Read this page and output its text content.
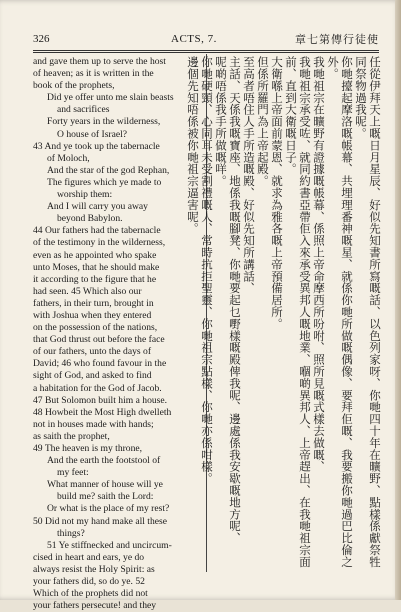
326	ACTS, 7.	章七第傳行徒使
and gave them up to serve the host
of heaven; as it is written in the
book of the prophets,
Did ye offer unto me slain beasts
and sacrifices
Forty years in the wilderness,
O house of Israel?
43 And ye took up the tabernacle
of Moloch,
And the star of the god Rephan,
The figures which ye made to
worship them:
And I will carry you away
beyond Babylon.
44 Our fathers had the tabernacle
of the testimony in the wilderness,
even as he appointed who spake
unto Moses, that he should make
it according to the figure that he
had seen. 45 Which also our
fathers, in their turn, brought in
with Joshua when they entered
on the possession of the nations,
that God thrust out before the face
of our fathers, unto the days of
David; 46 who found favour in the
sight of God, and asked to find
a habitation for the God of Jacob.
47 But Solomon built him a house.
48 Howbeit the Most High dwelleth
not in houses made with hands;
as saith the prophet,
49 The heaven is my throne,
And the earth the footstool of
my feet:
What manner of house will ye
build me? saith the Lord:
Or what is the place of my rest?
50 Did not my hand make all these
things?
51 Ye stiffnecked and uncircum-
cised in heart and ears, ye do
always resist the Holy Spirit: as
your fathers did, so do ye. 52
Which of the prophets did not
your fathers persecute! and they
任從伊拜天上嘅日月星辰、好似先知書所寫嘅話、以色列家呀、你哋四十年在曠野、點樣係獻祭牲同祭物過我呢。
你哋擡起摩洛嘅帳幕、共埋理番神嘅星、就係你哋所做嘅偶像、要拜佢嘅、我要搬你哋過巴比倫之外。
我哋祖宗在曠野有證據嘅帳幕、係照上帝命摩西所吩咐、照所見嘅式樣去做嘅、
我哋祖宗承受咗、就同約書亞帶佢入來承受異邦人嘅地業、嗰啲異邦人、上帝趕出、在我哋祖宗面前、直到大衛嘅日子。
大衛喺上帝面前蒙恩、就求為雅各嘅上帝預備居所。
但係所羅門為上帝起殿。
至高者唔住人手所造嘅殿、好似先知所講話、
主話、天係我嘅寶座、地係我嘅腳凳、你哋要起乜嘢樣嘅殿俾我呢、邊處係我安歇嘅地方呢、
呢啲唔係我手所做嘅咩。
你哋硬頸、心同耳未受割禮嘅人、常時抗拒聖靈、你哋祖宗點樣、你哋亦係咁樣。
邊個先知唔係被你哋祖宗逼害呢。
